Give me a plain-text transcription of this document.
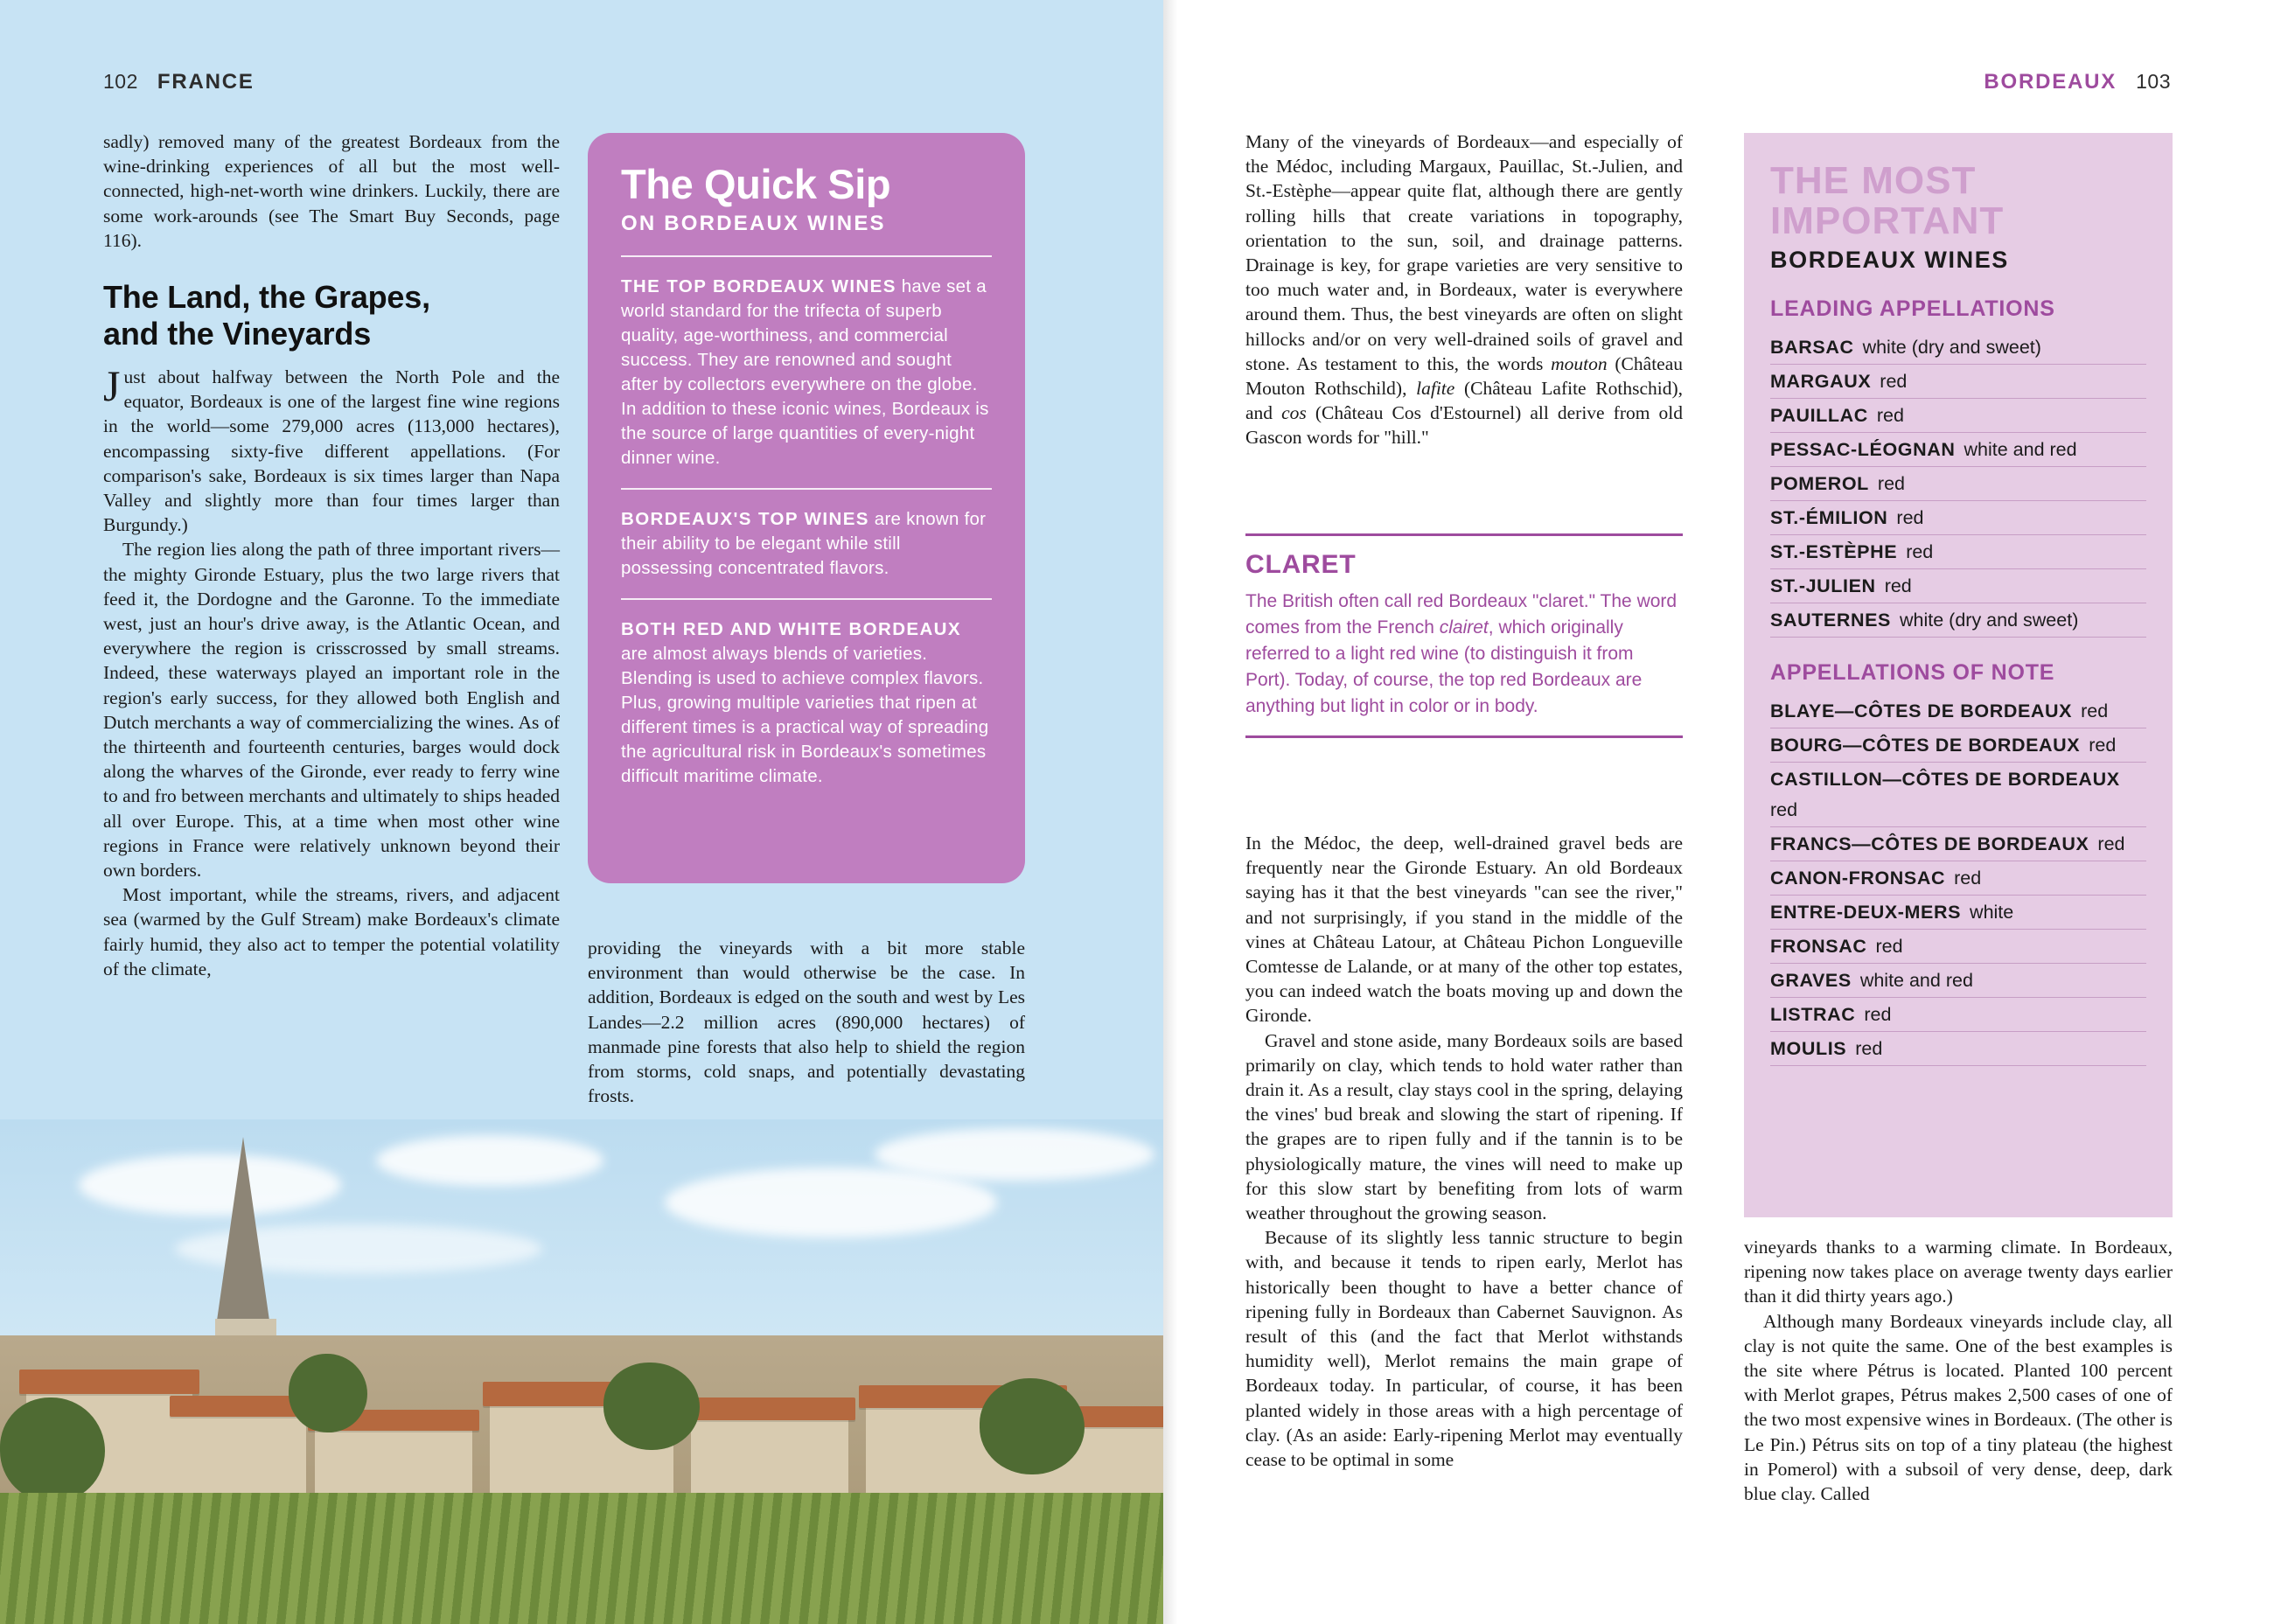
102 FRANCE

sadly) removed many of the greatest Bordeaux from the wine-drinking experiences of all but the most well-connected, high-net-worth wine drinkers. Luckily, there are some work-arounds (see The Smart Buy Seconds, page 116).

The Land, the Grapes,
and the Vineyards

Just about halfway between the North Pole and the equator, Bordeaux is one of the largest fine wine regions in the world—some 279,000 acres (113,000 hectares), encompassing sixty-five different appellations. (For comparison's sake, Bordeaux is six times larger than Napa Valley and slightly more than four times larger than Burgundy.)

The region lies along the path of three important rivers—the mighty Gironde Estuary, plus the two large rivers that feed it, the Dordogne and the Garonne. To the immediate west, just an hour's drive away, is the Atlantic Ocean, and everywhere the region is crisscrossed by small streams. Indeed, these waterways played an important role in the region's early success, for they allowed both English and Dutch merchants a way of commercializing the wines. As of the thirteenth and fourteenth centuries, barges would dock along the wharves of the Gironde, ever ready to ferry wine to and fro between merchants and ultimately to ships headed all over Europe. This, at a time when most other wine regions in France were relatively unknown beyond their own borders.

Most important, while the streams, rivers, and adjacent sea (warmed by the Gulf Stream) make Bordeaux's climate fairly humid, they also act to temper the potential volatility of the climate,

The Quick Sip
ON BORDEAUX WINES

THE TOP BORDEAUX WINES have set a world standard for the trifecta of superb quality, age-worthiness, and commercial success. They are renowned and sought after by collectors everywhere on the globe. In addition to these iconic wines, Bordeaux is the source of large quantities of every-night dinner wine.

BORDEAUX'S TOP WINES are known for their ability to be elegant while still possessing concentrated flavors.

BOTH RED AND WHITE BORDEAUX are almost always blends of varieties. Blending is used to achieve complex flavors. Plus, growing multiple varieties that ripen at different times is a practical way of spreading the agricultural risk in Bordeaux's sometimes difficult maritime climate.

providing the vineyards with a bit more stable environment than would otherwise be the case. In addition, Bordeaux is edged on the south and west by Les Landes—2.2 million acres (890,000 hectares) of manmade pine forests that also help to shield the region from storms, cold snaps, and potentially devastating frosts.

BORDEAUX 103

Many of the vineyards of Bordeaux—and especially of the Médoc, including Margaux, Pauillac, St.-Julien, and St.-Estèphe—appear quite flat, although there are gently rolling hills that create variations in topography, orientation to the sun, soil, and drainage patterns. Drainage is key, for grape varieties are very sensitive to too much water and, in Bordeaux, water is everywhere around them. Thus, the best vineyards are often on slight hillocks and/or on very well-drained soils of gravel and stone. As testament to this, the words mouton (Château Mouton Rothschild), lafite (Château Lafite Rothschid), and cos (Château Cos d'Estournel) all derive from old Gascon words for "hill."

CLARET

The British often call red Bordeaux "claret." The word comes from the French clairet, which originally referred to a light red wine (to distinguish it from Port). Today, of course, the top red Bordeaux are anything but light in color or in body.

In the Médoc, the deep, well-drained gravel beds are frequently near the Gironde Estuary. An old Bordeaux saying has it that the best vineyards "can see the river," and not surprisingly, if you stand in the middle of the vines at Château Latour, at Château Pichon Longueville Comtesse de Lalande, or at many of the other top estates, you can indeed watch the boats moving up and down the Gironde.

Gravel and stone aside, many Bordeaux soils are based primarily on clay, which tends to hold water rather than drain it. As a result, clay stays cool in the spring, delaying the vines' bud break and slowing the start of ripening. If the grapes are to ripen fully and if the tannin is to be physiologically mature, the vines will need to make up for this slow start by benefiting from lots of warm weather throughout the growing season.

Because of its slightly less tannic structure to begin with, and because it tends to ripen early, Merlot has historically been thought to have a better chance of ripening fully in Bordeaux than Cabernet Sauvignon. As result of this (and the fact that Merlot withstands humidity well), Merlot remains the main grape of Bordeaux today. In particular, of course, it has been planted widely in those areas with a high percentage of clay. (As an aside: Early-ripening Merlot may eventually cease to be optimal in some

THE MOST
IMPORTANT
BORDEAUX WINES
LEADING APPELLATIONS
BARSAC white (dry and sweet)
MARGAUX red
PAUILLAC red
PESSAC-LÉOGNAN white and red
POMEROL red
ST.-ÉMILION red
ST.-ESTÈPHE red
ST.-JULIEN red
SAUTERNES white (dry and sweet)
APPELLATIONS OF NOTE
BLAYE—CÔTES DE BORDEAUX red
BOURG—CÔTES DE BORDEAUX red
CASTILLON—CÔTES DE BORDEAUX
red
FRANCS—CÔTES DE BORDEAUX red
CANON-FRONSAC red
ENTRE-DEUX-MERS white
FRONSAC red
GRAVES white and red
LISTRAC red
MOULIS red

vineyards thanks to a warming climate. In Bordeaux, ripening now takes place on average twenty days earlier than it did thirty years ago.)

Although many Bordeaux vineyards include clay, all clay is not quite the same. One of the best examples is the site where Pétrus is located. Planted 100 percent with Merlot grapes, Pétrus makes 2,500 cases of one of the two most expensive wines in Bordeaux. (The other is Le Pin.) Pétrus sits on top of a tiny plateau (the highest in Pomerol) with a subsoil of very dense, deep, dark blue clay. Called
